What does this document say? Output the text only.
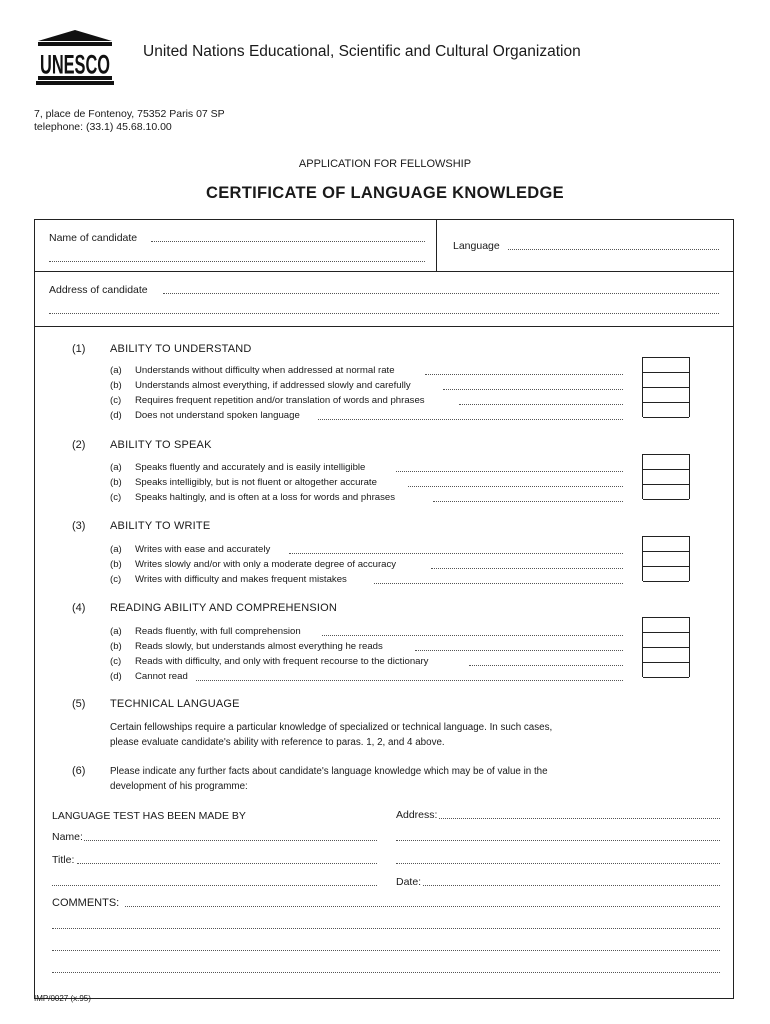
UNESCO United Nations Educational, Scientific and Cultural Organization
7, place de Fontenoy, 75352 Paris 07 SP
telephone: (33.1) 45.68.10.00
APPLICATION FOR FELLOWSHIP
CERTIFICATE OF LANGUAGE KNOWLEDGE
Name of candidate
Language
Address of candidate
(1) ABILITY TO UNDERSTAND
(a) Understands without difficulty when addressed at normal rate
(b) Understands almost everything, if addressed slowly and carefully
(c) Requires frequent repetition and/or translation of words and phrases
(d) Does not understand spoken language
(2) ABILITY TO SPEAK
(a) Speaks fluently and accurately and is easily intelligible
(b) Speaks intelligibly, but is not fluent or altogether accurate
(c) Speaks haltingly, and is often at a loss for words and phrases
(3) ABILITY TO WRITE
(a) Writes with ease and accurately
(b) Writes slowly and/or with only a moderate degree of accuracy
(c) Writes with difficulty and makes frequent mistakes
(4) READING ABILITY AND COMPREHENSION
(a) Reads fluently, with full comprehension
(b) Reads slowly, but understands almost everything he reads
(c) Reads with difficulty, and only with frequent recourse to the dictionary
(d) Cannot read
(5) TECHNICAL LANGUAGE
Certain fellowships require a particular knowledge of specialized or technical language. In such cases,
please evaluate candidate's ability with reference to paras. 1, 2, and 4 above.
(6)	Please indicate any further facts about candidate's language knowledge which may be of value in the
development of his programme:
LANGUAGE TEST HAS BEEN MADE BY	Address:
Name:
Title:
Date:
COMMENTS:
IMP/0027 (x.95)
